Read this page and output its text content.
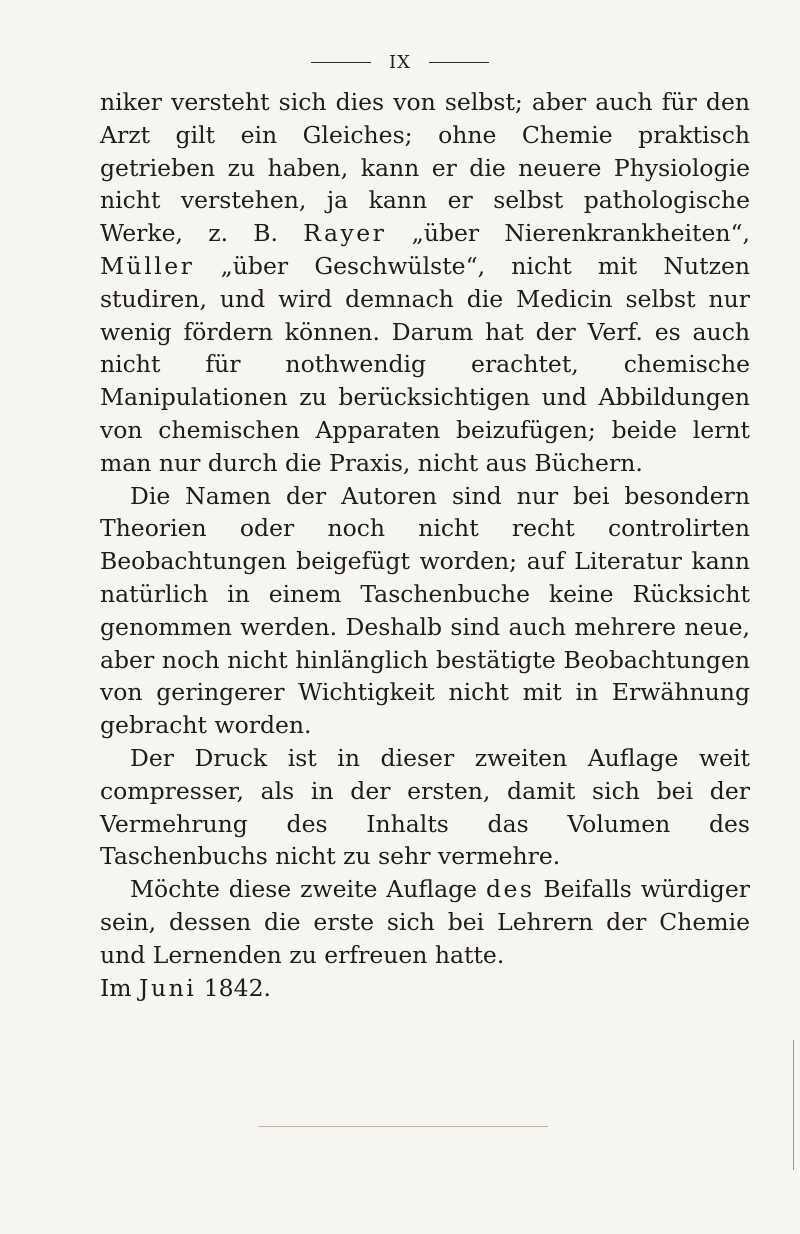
IX

niker versteht sich dies von selbst; aber auch für den Arzt gilt ein Gleiches; ohne Chemie praktisch getrieben zu haben, kann er die neuere Physiologie nicht verstehen, ja kann er selbst pathologische Werke, z. B. Rayer „über Nierenkrankheiten“, Müller „über Geschwülste“, nicht mit Nutzen studiren, und wird demnach die Medicin selbst nur wenig fördern können. Darum hat der Verf. es auch nicht für nothwendig erachtet, chemische Manipulationen zu berücksichtigen und Abbildungen von chemischen Apparaten beizufügen; beide lernt man nur durch die Praxis, nicht aus Büchern.

Die Namen der Autoren sind nur bei besondern Theorien oder noch nicht recht controlirten Beobachtungen beigefügt worden; auf Literatur kann natürlich in einem Taschenbuche keine Rücksicht genommen werden. Deshalb sind auch mehrere neue, aber noch nicht hinlänglich bestätigte Beobachtungen von geringerer Wichtigkeit nicht mit in Erwähnung gebracht worden.

Der Druck ist in dieser zweiten Auflage weit compresser, als in der ersten, damit sich bei der Vermehrung des Inhalts das Volumen des Taschenbuchs nicht zu sehr vermehre.

Möchte diese zweite Auflage des Beifalls würdiger sein, dessen die erste sich bei Lehrern der Chemie und Lernenden zu erfreuen hatte.

Im Juni 1842.
